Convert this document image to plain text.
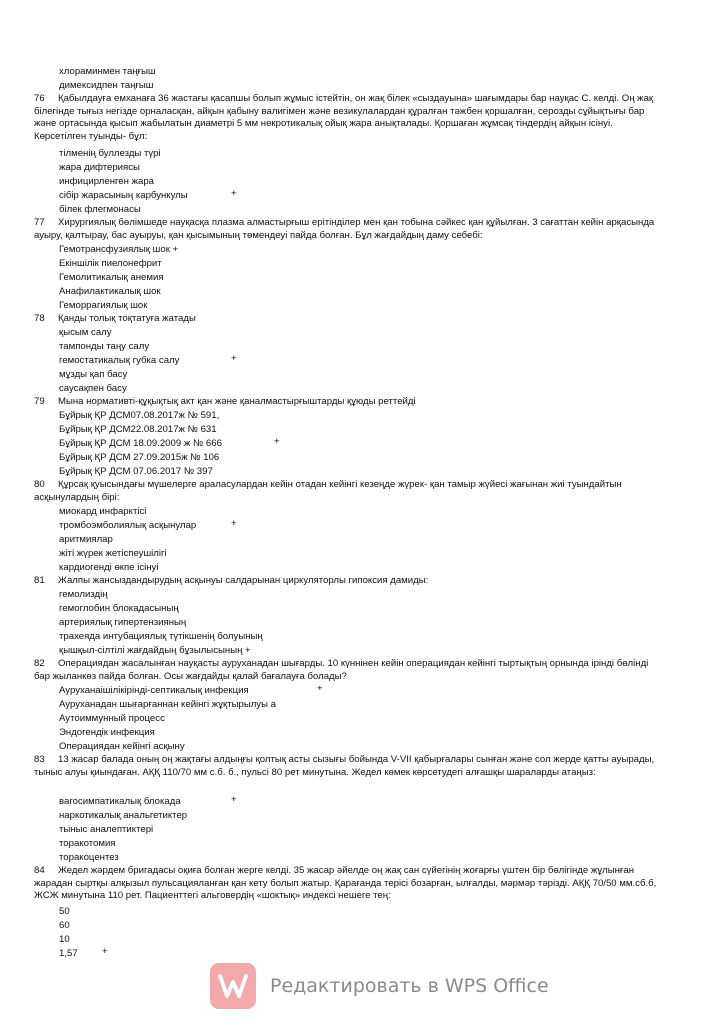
хлораминмен таңғыш
димексидпен таңғыш
76 Қабылдауға емханаға 36 жастағы қасапшы болып жұмыс істейтін, он жақ білек «сыздауына» шағымдары бар науқас С. келді. Оң жақ білегінде тығыз негізде орналасқан, айқын қабыну валигімен және везикулалардан құралған тәжбен қоршалған, серозды сұйықтығы бар және ортасында қысып жабылатын диаметрі 5 мм некротикалық ойық жара анықталады. Қоршаған жұмсақ тіндердің айқын ісінуі. Көрсетілген туынды- бұл:
тілменің буллезды түрі
жара дифтериясы
инфицирленген жара
сібір жарасының карбункулы	+
білек флегмонасы
77 Хирургиялық бөлімшеде науқасқа плазма алмастырғыш ерітінділер мен қан тобына сәйкес қан құйылған. 3 сағаттан кейін арқасында ауыру, қалтырау, бас ауыруы, қан қысымының төмендеуі пайда болған. Бұл жағдайдың даму себебі:
Гемотрансфузиялық шок +
Екіншілік пиелонефрит
Гемолитикалық анемия
Анафилактикалық шок
Геморрагиялық шок
78 Қанды толық тоқтатуға жатады
қысым салу
тампонды таңу салу
гемостатикалық губка салу	+
мұзды қап басу
саусақпен басу
79 Мына нормативті-құқықтық акт қан және қаналмастырғыштарды құюды реттейді
Бұйрық ҚР ДСМ07.08.2017ж № 591,
Бұйрық ҚР ДСМ22.08.2017ж № 631
Бұйрық ҚР ДСМ 18.09.2009 ж № 666	+
Бұйрық ҚР ДСМ 27.09.2015ж № 106
Бұйрық ҚР ДСМ 07.06.2017 № 397
80 Құрсақ қуысындағы мүшелерге араласулардан кейін отадан кейінгі кезеңде жүрек- қан тамыр жүйесі жағынан жиі туындайтын асқынулардың бірі:
миокард инфарктісі
тромбоэмболиялық асқынулар	+
аритмиялар
жіті жүрек жетіспеушілігі
кардиогенді өкпе ісінуі
81 Жалпы жансыздандырудың асқынуы салдарынан циркуляторлы гипоксия дамиды:
гемолиздің
гемоглобин блокадасының
артериялық гипертензияның
трахеяда интубациялық түтікшенің болуының
қышқыл-сілтілі жағдайдың бұзылысының +
82 Операциядан жасалынған науқасты ауруханадан шығарды. 10 күннінен кейін операциядан кейінгі тыртықтың орнында ірінді бөлінді бар жыланкөз пайда болған. Осы жағдайды қалай бағалауға болады?
Ауруханаішілікірінді-септикалық инфекция	+
Ауруханадан шығарғаннан кейінгі жұқтырылуы а
Аутоиммунный процесс
Эндогендік инфекция
Операциядан кейінгі асқыну
83 13 жасар балада оның оң жақтағы алдыңғы қолтық асты сызығы бойында V-VII қабырғалары сынған және сол жерде қатты ауырады, тыныс алуы қиындаған. АҚҚ 110/70 мм с.б. б., пульсі 80 рет минутына. Жедел көмек көрсетудегі алғашқы шараларды атаңыз:
вагосимпатикалық блокада	+
наркотикалық анальгетиктер
тыныс аналептиктері
торакотомия
торакоцентез
84 Жедел жәрдем бригадасы оқиға болған жерге келді. 35 жасар әйелде оң жақ сан сүйегінің жоғарғы үштен бір бөлігінде жұлынған жарадан сыртқы алқызыл пульсацияланған қан кету болып жатыр. Қарағанда терісі бозарған, ылғалды, мәрмәр тәрізді. АҚҚ 70/50 мм.сб.б, ЖСЖ минутына 110 рет. Пациенттегі альговердің «шоктық» индексі нешеге тең:
50
60
10
1,57	+
Редактировать в WPS Office
